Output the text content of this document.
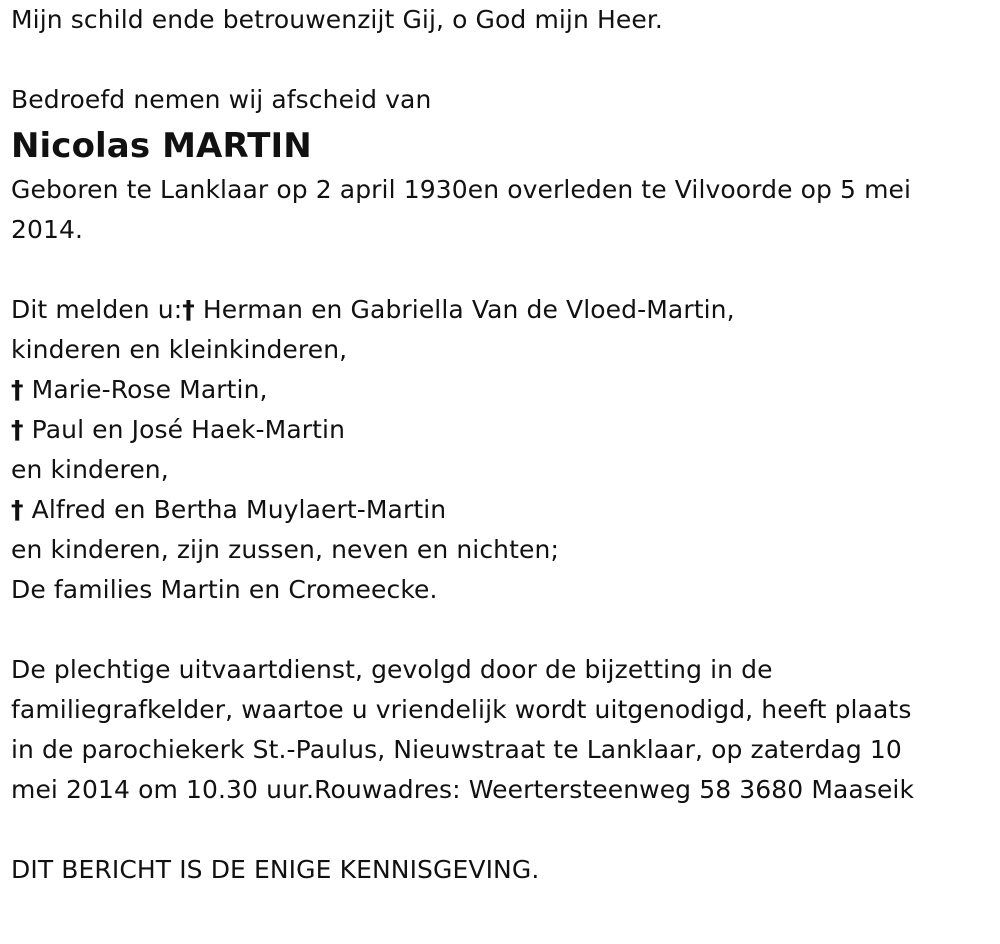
Mijn schild ende betrouwenzijt Gij, o God mijn Heer.
Bedroefd nemen wij afscheid van
Nicolas MARTIN
Geboren te Lanklaar op 2 april 1930en overleden te Vilvoorde op 5 mei 2014.
Dit melden u:† Herman en Gabriella Van de Vloed-Martin,
kinderen en kleinkinderen,
† Marie-Rose Martin,
† Paul en José Haek-Martin
en kinderen,
† Alfred en Bertha Muylaert-Martin
en kinderen, zijn zussen, neven en nichten;
De families Martin en Cromeecke.
De plechtige uitvaartdienst, gevolgd door de bijzetting in de
familiegrafkelder, waartoe u vriendelijk wordt uitgenodigd, heeft plaats
in de parochiekerk St.-Paulus, Nieuwstraat te Lanklaar, op zaterdag 10
mei 2014 om 10.30 uur.Rouwadres: Weertersteenweg 58 3680 Maaseik
DIT BERICHT IS DE ENIGE KENNISGEVING.
